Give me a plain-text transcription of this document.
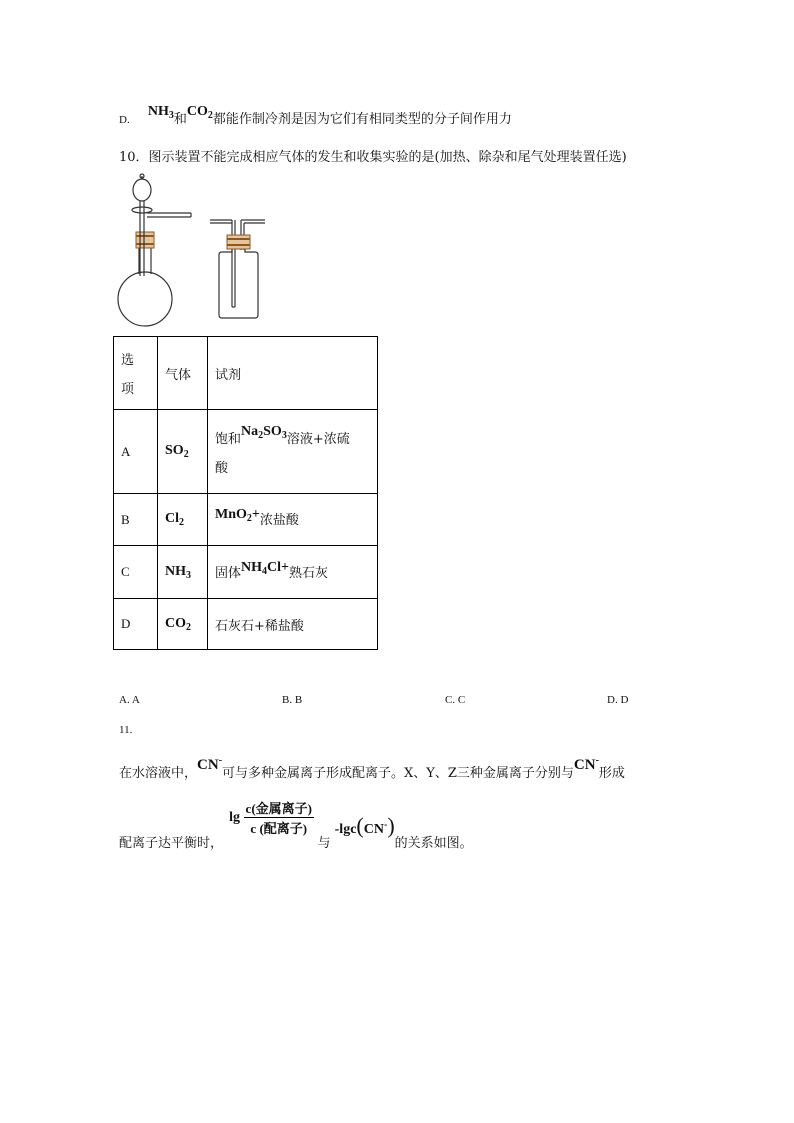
D. $NH_3$和$CO_2$都能作制冷剂是因为它们有相同类型的分子间作用力
10．图示装置不能完成相应气体的发生和收集实验的是(加热、除杂和尾气处理装置任选)
选
项	气体	试剂
A	$SO_2$	饱和$Na_2SO_3$溶液+浓硫
酸

B	$Cl_2$	MnO$_2$+浓盐酸
C	$NH_3$	固体$NH_4Cl+$熟石灰
D	$CO_2$	石灰石+稀盐酸
A. A	B. B	C. C	D. D
11.
在水溶液中，CN-可与多种金属离子形成配离子。X、Y、Z三种金属离子分别与CN-形成
配离子达平衡时， $\lg \frac{\text{c(金属离子)}}{\text{c (配离子)}}$
与 -lgc(CN-)的关系如图。
